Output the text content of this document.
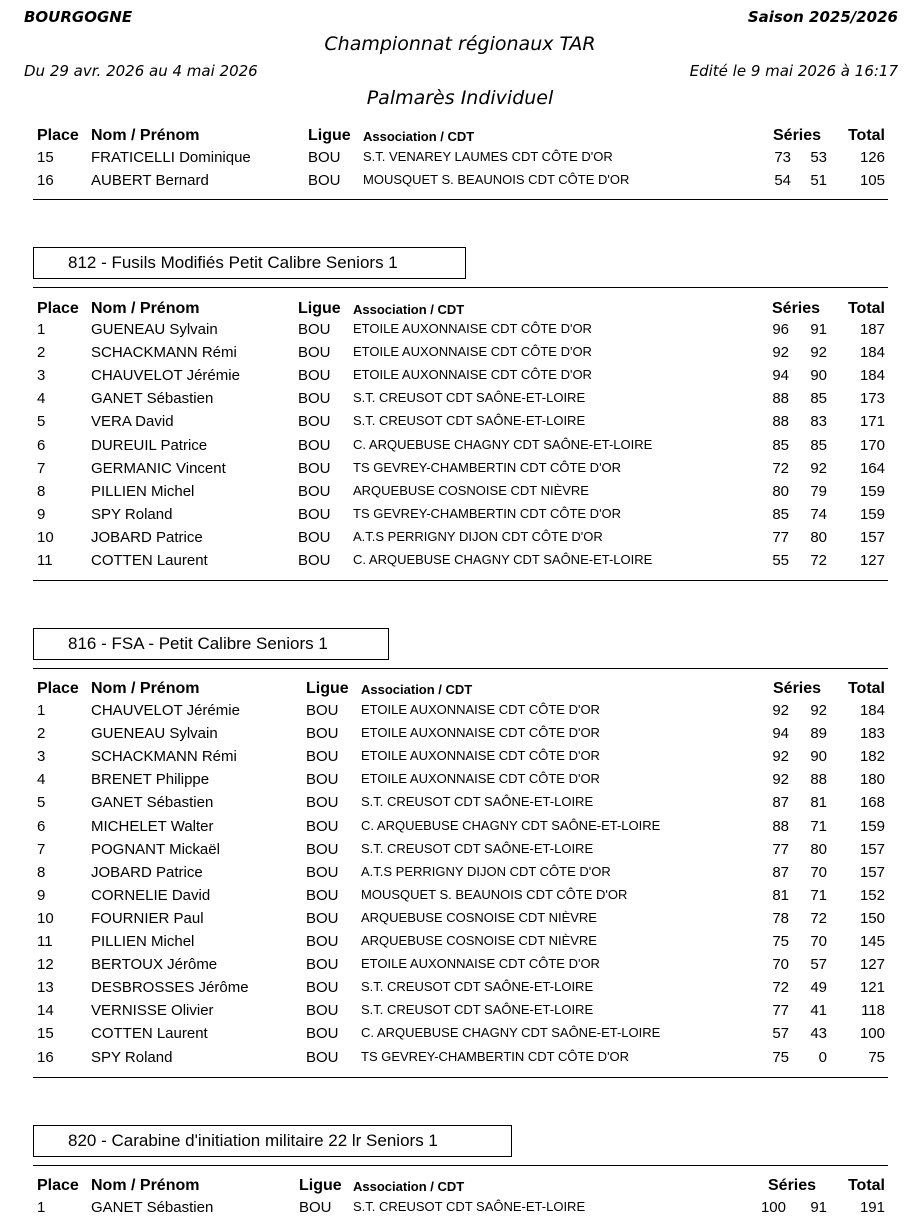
BOURGOGNE	Saison 2025/2026
Championnat régionaux TAR
Du 29 avr. 2026 au 4 mai 2026	Edité le 9 mai 2026 à 16:17
Palmarès Individuel
Place Nom / Prénom	Ligue Association / CDT	Séries Total
15 FRATICELLI Dominique	BOU S.T. VENAREY LAUMES CDT CÔTE D'OR	73 53 126
16 AUBERT Bernard	BOU MOUSQUET S. BEAUNOIS CDT CÔTE D'OR	54 51 105
812 - Fusils Modifiés Petit Calibre Seniors 1
Place Nom / Prénom	Ligue Association / CDT	Séries Total
1	GUENEAU Sylvain	BOU ETOILE AUXONNAISE CDT CÔTE D'OR	96 91 187
2	SCHACKMANN Rémi	BOU ETOILE AUXONNAISE CDT CÔTE D'OR	92 92 184
3	CHAUVELOT Jérémie	BOU ETOILE AUXONNAISE CDT CÔTE D'OR	94 90 184
4	GANET Sébastien	BOU S.T. CREUSOT CDT SAÔNE-ET-LOIRE	88 85 173
5	VERA David	BOU S.T. CREUSOT CDT SAÔNE-ET-LOIRE	88 83 171
6	DUREUIL Patrice	BOU C. ARQUEBUSE CHAGNY CDT SAÔNE-ET-LOIRE	85 85 170
7	GERMANIC Vincent	BOU TS GEVREY-CHAMBERTIN CDT CÔTE D'OR	72 92 164
8	PILLIEN Michel	BOU ARQUEBUSE COSNOISE CDT NIÈVRE	80 79 159
9	SPY Roland	BOU TS GEVREY-CHAMBERTIN CDT CÔTE D'OR	85 74 159
10 JOBARD Patrice	BOU A.T.S PERRIGNY DIJON CDT CÔTE D'OR	77 80 157
11	COTTEN Laurent	BOU C. ARQUEBUSE CHAGNY CDT SAÔNE-ET-LOIRE	55 72 127
816 - FSA - Petit Calibre Seniors 1
Place Nom / Prénom	Ligue Association / CDT	Séries Total
1	CHAUVELOT Jérémie	BOU ETOILE AUXONNAISE CDT CÔTE D'OR	92 92 184
2	GUENEAU Sylvain	BOU ETOILE AUXONNAISE CDT CÔTE D'OR	94 89 183
3	SCHACKMANN Rémi	BOU ETOILE AUXONNAISE CDT CÔTE D'OR	92 90 182
4	BRENET Philippe	BOU ETOILE AUXONNAISE CDT CÔTE D'OR	92 88 180
5	GANET Sébastien	BOU S.T. CREUSOT CDT SAÔNE-ET-LOIRE	87 81 168
6	MICHELET Walter	BOU C. ARQUEBUSE CHAGNY CDT SAÔNE-ET-LOIRE	88 71 159
7	POGNANT Mickaël	BOU S.T. CREUSOT CDT SAÔNE-ET-LOIRE	77 80 157
8	JOBARD Patrice	BOU A.T.S PERRIGNY DIJON CDT CÔTE D'OR	87 70 157
9	CORNELIE David	BOU MOUSQUET S. BEAUNOIS CDT CÔTE D'OR	81 71 152
10 FOURNIER Paul	BOU ARQUEBUSE COSNOISE CDT NIÈVRE	78 72 150
11	PILLIEN Michel	BOU ARQUEBUSE COSNOISE CDT NIÈVRE	75 70 145
12 BERTOUX Jérôme	BOU ETOILE AUXONNAISE CDT CÔTE D'OR	70 57 127
13 DESBROSSES Jérôme	BOU S.T. CREUSOT CDT SAÔNE-ET-LOIRE	72 49 121
14 VERNISSE Olivier	BOU S.T. CREUSOT CDT SAÔNE-ET-LOIRE	77 41 118
15 COTTEN Laurent	BOU C. ARQUEBUSE CHAGNY CDT SAÔNE-ET-LOIRE	57 43 100
16 SPY Roland	BOU TS GEVREY-CHAMBERTIN CDT CÔTE D'OR	75 0	75
820 - Carabine d'initiation militaire 22 lr Seniors 1
Place Nom / Prénom	Ligue Association / CDT	Séries Total
1	GANET Sébastien	BOU S.T. CREUSOT CDT SAÔNE-ET-LOIRE	100 91 191
